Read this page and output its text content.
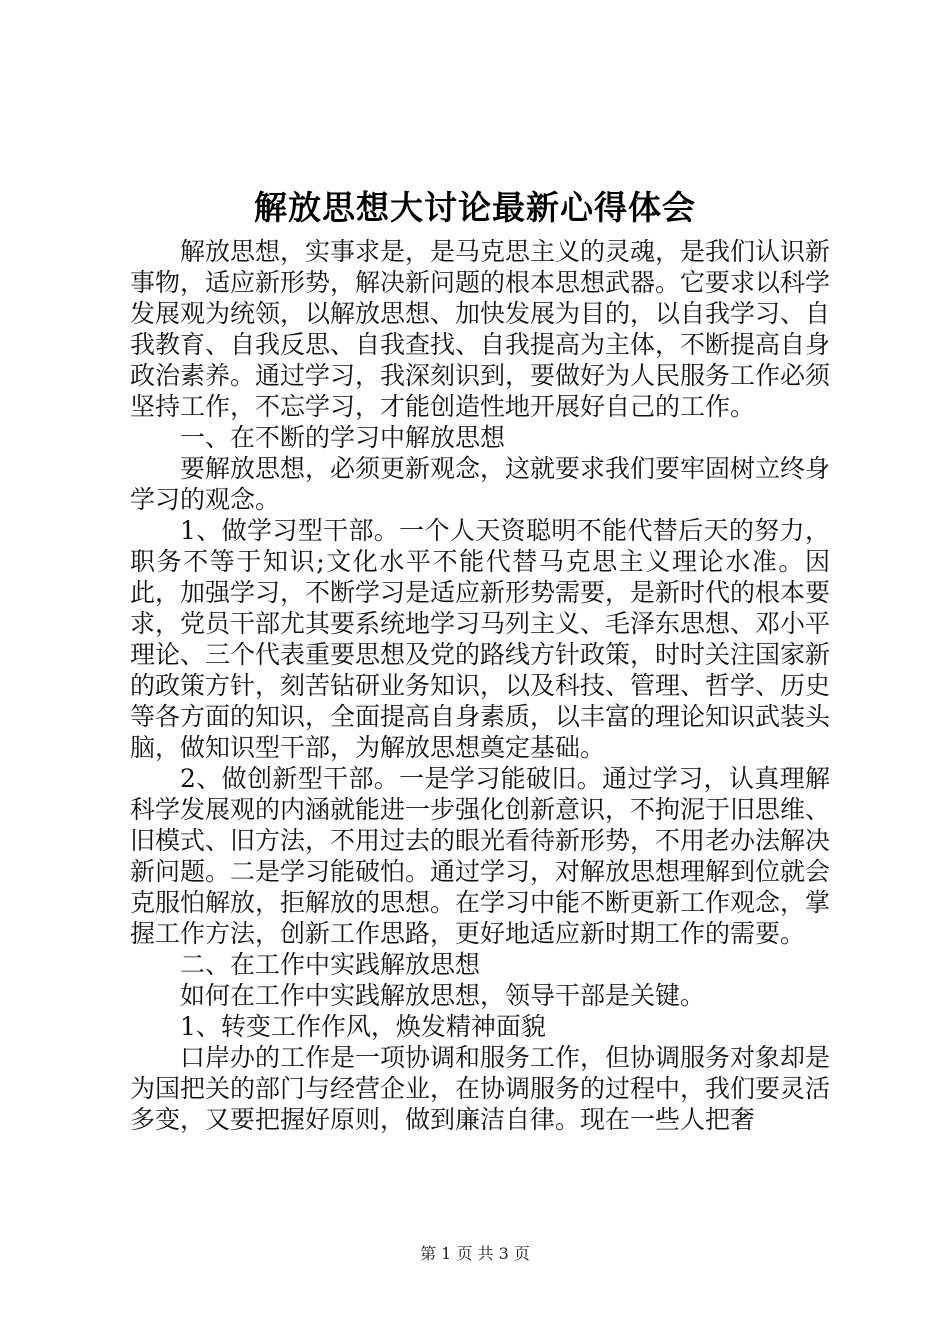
解放思想大讨论最新心得体会

解放思想，实事求是，是马克思主义的灵魂，是我们认识新事物，适应新形势，解决新问题的根本思想武器。它要求以科学发展观为统领，以解放思想、加快发展为目的，以自我学习、自我教育、自我反思、自我查找、自我提高为主体，不断提高自身政治素养。通过学习，我深刻识到，要做好为人民服务工作必须坚持工作，不忘学习，才能创造性地开展好自己的工作。

一、在不断的学习中解放思想

要解放思想，必须更新观念，这就要求我们要牢固树立终身学习的观念。

1、做学习型干部。一个人天资聪明不能代替后天的努力，职务不等于知识;文化水平不能代替马克思主义理论水准。因此，加强学习，不断学习是适应新形势需要，是新时代的根本要求，党员干部尤其要系统地学习马列主义、毛泽东思想、邓小平理论、三个代表重要思想及党的路线方针政策，时时关注国家新的政策方针，刻苦钻研业务知识，以及科技、管理、哲学、历史等各方面的知识，全面提高自身素质，以丰富的理论知识武装头脑，做知识型干部，为解放思想奠定基础。

2、做创新型干部。一是学习能破旧。通过学习，认真理解科学发展观的内涵就能进一步强化创新意识，不拘泥于旧思维、旧模式、旧方法，不用过去的眼光看待新形势，不用老办法解决新问题。二是学习能破怕。通过学习，对解放思想理解到位就会克服怕解放，拒解放的思想。在学习中能不断更新工作观念，掌握工作方法，创新工作思路，更好地适应新时期工作的需要。

二、在工作中实践解放思想

如何在工作中实践解放思想，领导干部是关键。

1、转变工作作风，焕发精神面貌

口岸办的工作是一项协调和服务工作，但协调服务对象却是为国把关的部门与经营企业，在协调服务的过程中，我们要灵活多变，又要把握好原则，做到廉洁自律。现在一些人把奢

第 1 页 共 3 页
